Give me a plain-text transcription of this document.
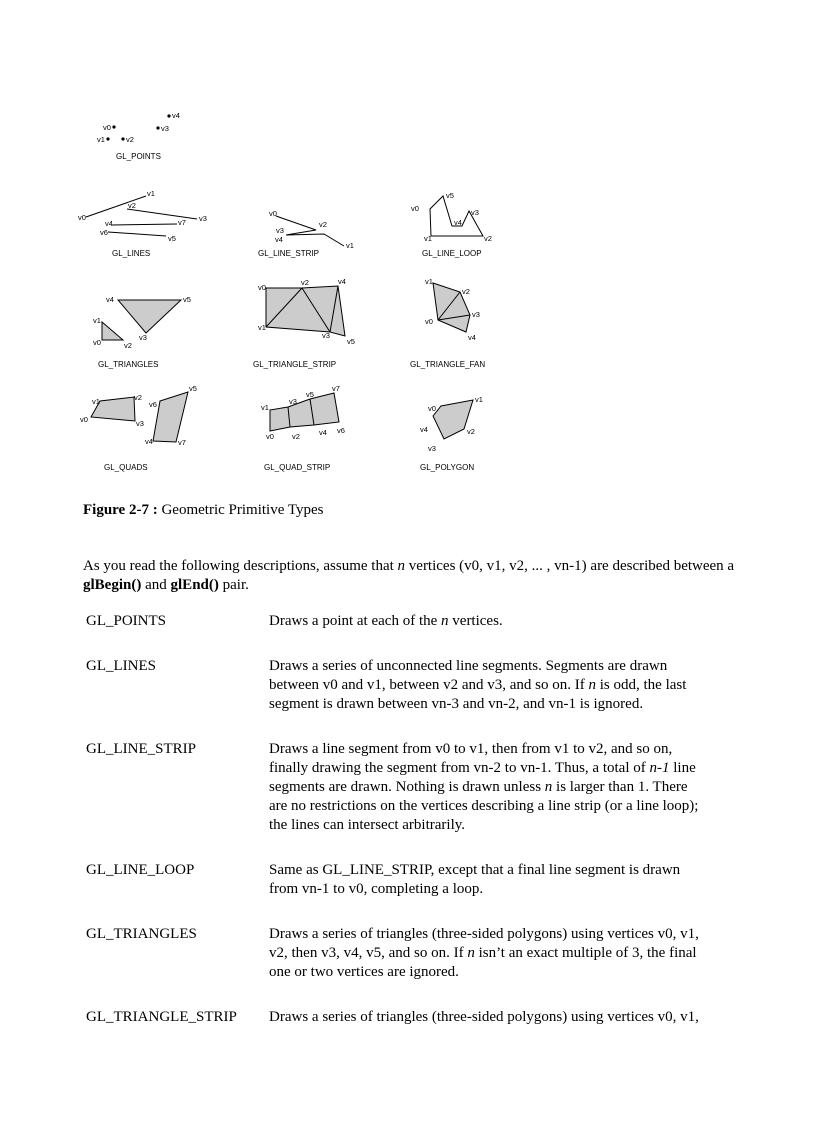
v0
v1	v2
v3
v4
GL_POINTS
v0
v1
v2
v3
v4
v5
v6
v7
GL_LINES
v0
v1
v2
v3
v4
GL_LINE_STRIP
v0
v1	v2
v3
v4
v5
GL_LINE_LOOP
v0
v1
v2
v3
v4	v5
GL_TRIANGLES
v0
v1
v2
v3
v4
v5
GL_TRIANGLE_STRIP
v0
v1
v2
v3
v4
GL_TRIANGLE_FAN
v0
v1	v2
v3
v4
v5
v6
v7
GL_QUADS
v0
v1
v2
v3
v4
v5
v6
v7
GL_QUAD_STRIP
v0
v1
v2
v3
v4
GL_POLYGON
Figure 2-7 : Geometric Primitive Types
As you read the following descriptions, assume that n vertices (v0, v1, v2, ... , vn-1) are described between a glBegin() and glEnd() pair.
GL_POINTS	Draws a point at each of the n vertices.
GL_LINES	Draws a series of unconnected line segments. Segments are drawn between v0 and v1, between v2 and v3, and so on. If n is odd, the last segment is drawn between vn-3 and vn-2, and vn-1 is ignored.
GL_LINE_STRIP	Draws a line segment from v0 to v1, then from v1 to v2, and so on, finally drawing the segment from vn-2 to vn-1. Thus, a total of n-1 line segments are drawn. Nothing is drawn unless n is larger than 1. There are no restrictions on the vertices describing a line strip (or a line loop); the lines can intersect arbitrarily.
GL_LINE_LOOP	Same as GL_LINE_STRIP, except that a final line segment is drawn from vn-1 to v0, completing a loop.
GL_TRIANGLES	Draws a series of triangles (three-sided polygons) using vertices v0, v1, v2, then v3, v4, v5, and so on. If n isn’t an exact multiple of 3, the final one or two vertices are ignored.
GL_TRIANGLE_STRIP	Draws a series of triangles (three-sided polygons) using vertices v0, v1,
